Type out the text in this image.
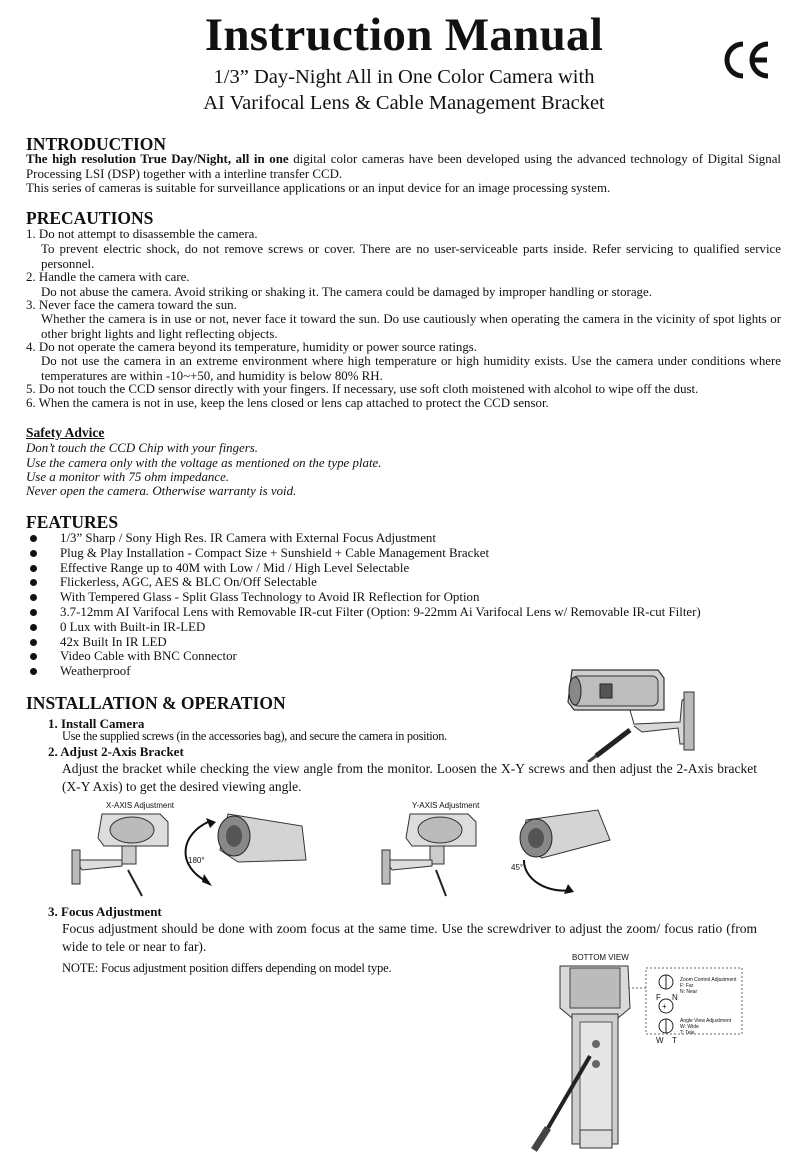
Instruction Manual
1/3” Day-Night All in One Color Camera with
AI Varifocal Lens & Cable Management Bracket
INTRODUCTION
The high resolution True Day/Night, all in one digital color cameras have been developed using the advanced technology of Digital Signal Processing LSI (DSP) together with a interline transfer CCD.
This series of cameras is suitable for surveillance applications or an input device for an image processing system.
PRECAUTIONS
1. Do not attempt to disassemble the camera.
To prevent electric shock, do not remove screws or cover. There are no user-serviceable parts inside. Refer servicing to qualified service personnel.
2. Handle the camera with care.
Do not abuse the camera. Avoid striking or shaking it. The camera could be damaged by improper handling or storage.
3. Never face the camera toward the sun.
Whether the camera is in use or not, never face it toward the sun. Do use cautiously when operating the camera in the vicinity of spot lights or other bright lights and light reflecting objects.
4. Do not operate the camera beyond its temperature, humidity or power source ratings.
Do not use the camera in an extreme environment where high temperature or high humidity exists. Use the camera under conditions where temperatures are within -10~+50, and humidity is below 80% RH.
5. Do not touch the CCD sensor directly with your fingers. If necessary, use soft cloth moistened with alcohol to wipe off the dust.
6. When the camera is not in use, keep the lens closed or lens cap attached to protect the CCD sensor.
Safety Advice
Don’t touch the CCD Chip with your fingers.
Use the camera only with the voltage as mentioned on the type plate.
Use a monitor with 75 ohm impedance.
Never open the camera. Otherwise warranty is void.
FEATURES
1/3” Sharp / Sony High Res. IR Camera with External Focus Adjustment
Plug & Play Installation - Compact Size + Sunshield + Cable Management Bracket
Effective Range up to 40M with Low / Mid / High Level Selectable
Flickerless, AGC, AES & BLC On/Off Selectable
With Tempered Glass - Split Glass Technology to Avoid IR Reflection for Option
3.7-12mm AI Varifocal Lens with Removable IR-cut Filter (Option: 9-22mm Ai Varifocal Lens w/ Removable IR-cut Filter)
0 Lux with Built-in IR-LED
42x Built In IR LED
Video Cable with BNC Connector
Weatherproof
INSTALLATION & OPERATION
1. Install Camera
Use the supplied screws (in the accessories bag), and secure the camera in position.
2. Adjust 2-Axis Bracket
Adjust the bracket while checking the view angle from the monitor. Loosen the X-Y screws and then adjust the 2-Axis bracket (X-Y Axis) to get the desired viewing angle.
X-AXIS Adjustment
180°
Y-AXIS Adjustment
45°
3. Focus Adjustment
Focus adjustment should be done with zoom focus at the same time. Use the screwdriver to adjust the zoom/ focus ratio (from wide to tele or near to far).
NOTE: Focus adjustment position differs depending on model type.
BOTTOM VIEW
F N
+
W T
Zoom Control Adjustment
F: Far
N: Near
Angle View Adjustment
W: Wide
T: Tele
